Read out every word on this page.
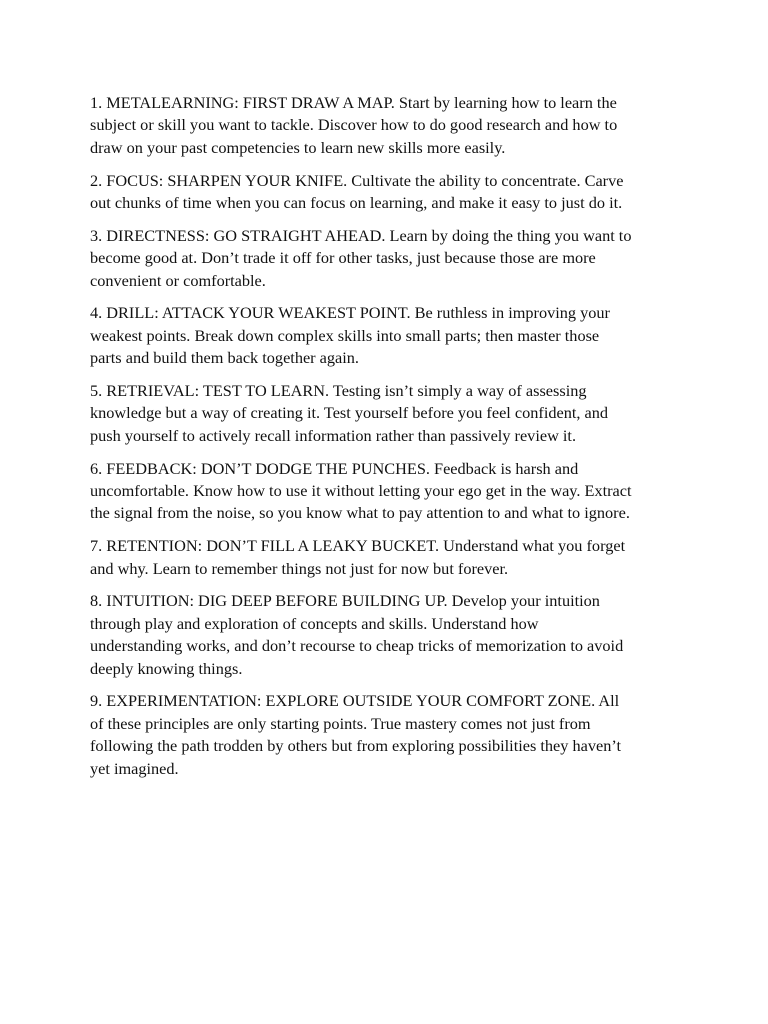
1. METALEARNING: FIRST DRAW A MAP. Start by learning how to learn the
subject or skill you want to tackle. Discover how to do good research and how to
draw on your past competencies to learn new skills more easily.
2. FOCUS: SHARPEN YOUR KNIFE. Cultivate the ability to concentrate. Carve
out chunks of time when you can focus on learning, and make it easy to just do it.
3. DIRECTNESS: GO STRAIGHT AHEAD. Learn by doing the thing you want to
become good at. Don’t trade it off for other tasks, just because those are more
convenient or comfortable.
4. DRILL: ATTACK YOUR WEAKEST POINT. Be ruthless in improving your
weakest points. Break down complex skills into small parts; then master those
parts and build them back together again.
5. RETRIEVAL: TEST TO LEARN. Testing isn’t simply a way of assessing
knowledge but a way of creating it. Test yourself before you feel confident, and
push yourself to actively recall information rather than passively review it.
6. FEEDBACK: DON’T DODGE THE PUNCHES. Feedback is harsh and
uncomfortable. Know how to use it without letting your ego get in the way. Extract
the signal from the noise, so you know what to pay attention to and what to ignore.
7. RETENTION: DON’T FILL A LEAKY BUCKET. Understand what you forget
and why. Learn to remember things not just for now but forever.
8. INTUITION: DIG DEEP BEFORE BUILDING UP. Develop your intuition
through play and exploration of concepts and skills. Understand how
understanding works, and don’t recourse to cheap tricks of memorization to avoid
deeply knowing things.
9. EXPERIMENTATION: EXPLORE OUTSIDE YOUR COMFORT ZONE. All
of these principles are only starting points. True mastery comes not just from
following the path trodden by others but from exploring possibilities they haven’t
yet imagined.
